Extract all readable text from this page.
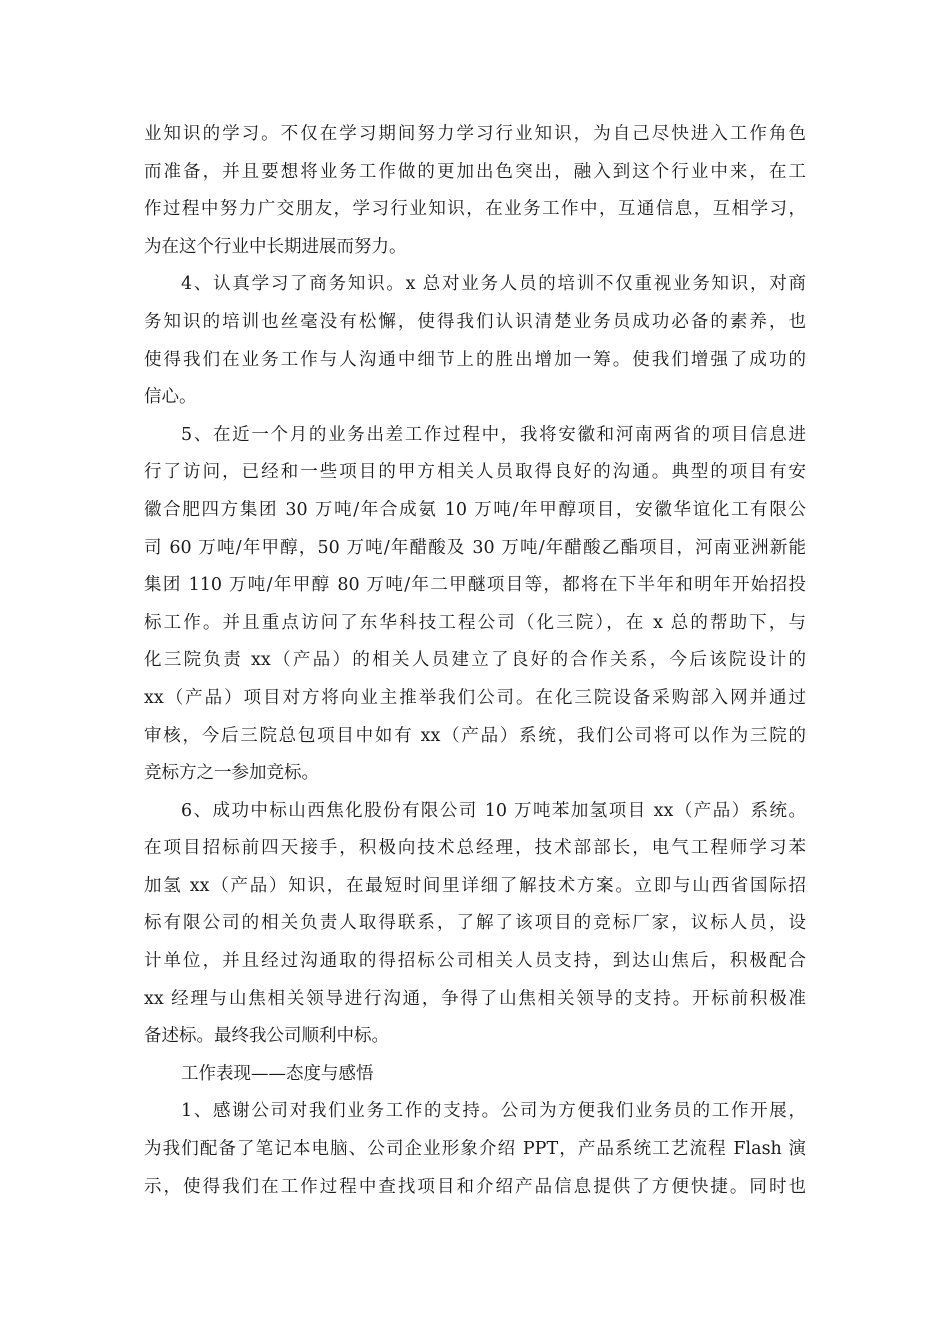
业知识的学习。不仅在学习期间努力学习行业知识，为自己尽快进入工作角色
而准备，并且要想将业务工作做的更加出色突出，融入到这个行业中来，在工
作过程中努力广交朋友，学习行业知识，在业务工作中，互通信息，互相学习，
为在这个行业中长期进展而努力。
4、认真学习了商务知识。x 总对业务人员的培训不仅重视业务知识，对商
务知识的培训也丝毫没有松懈，使得我们认识清楚业务员成功必备的素养，也
使得我们在业务工作与人沟通中细节上的胜出增加一筹。使我们增强了成功的
信心。
5、在近一个月的业务出差工作过程中，我将安徽和河南两省的项目信息进
行了访问，已经和一些项目的甲方相关人员取得良好的沟通。典型的项目有安
徽合肥四方集团 30 万吨/年合成氨 10 万吨/年甲醇项目，安徽华谊化工有限公
司 60 万吨/年甲醇，50 万吨/年醋酸及 30 万吨/年醋酸乙酯项目，河南亚洲新能
集团 110 万吨/年甲醇 80 万吨/年二甲醚项目等，都将在下半年和明年开始招投
标工作。并且重点访问了东华科技工程公司（化三院），在 x 总的帮助下，与
化三院负责 xx（产品）的相关人员建立了良好的合作关系，今后该院设计的
xx（产品）项目对方将向业主推举我们公司。在化三院设备采购部入网并通过
审核，今后三院总包项目中如有 xx（产品）系统，我们公司将可以作为三院的
竞标方之一参加竞标。
6、成功中标山西焦化股份有限公司 10 万吨苯加氢项目 xx（产品）系统。
在项目招标前四天接手，积极向技术总经理，技术部部长，电气工程师学习苯
加氢 xx（产品）知识，在最短时间里详细了解技术方案。立即与山西省国际招
标有限公司的相关负责人取得联系，了解了该项目的竞标厂家，议标人员，设
计单位，并且经过沟通取的得招标公司相关人员支持，到达山焦后，积极配合
xx 经理与山焦相关领导进行沟通，争得了山焦相关领导的支持。开标前积极准
备述标。最终我公司顺利中标。
工作表现——态度与感悟
1、感谢公司对我们业务工作的支持。公司为方便我们业务员的工作开展，
为我们配备了笔记本电脑、公司企业形象介绍 PPT，产品系统工艺流程 Flash 演
示，使得我们在工作过程中查找项目和介绍产品信息提供了方便快捷。同时也
